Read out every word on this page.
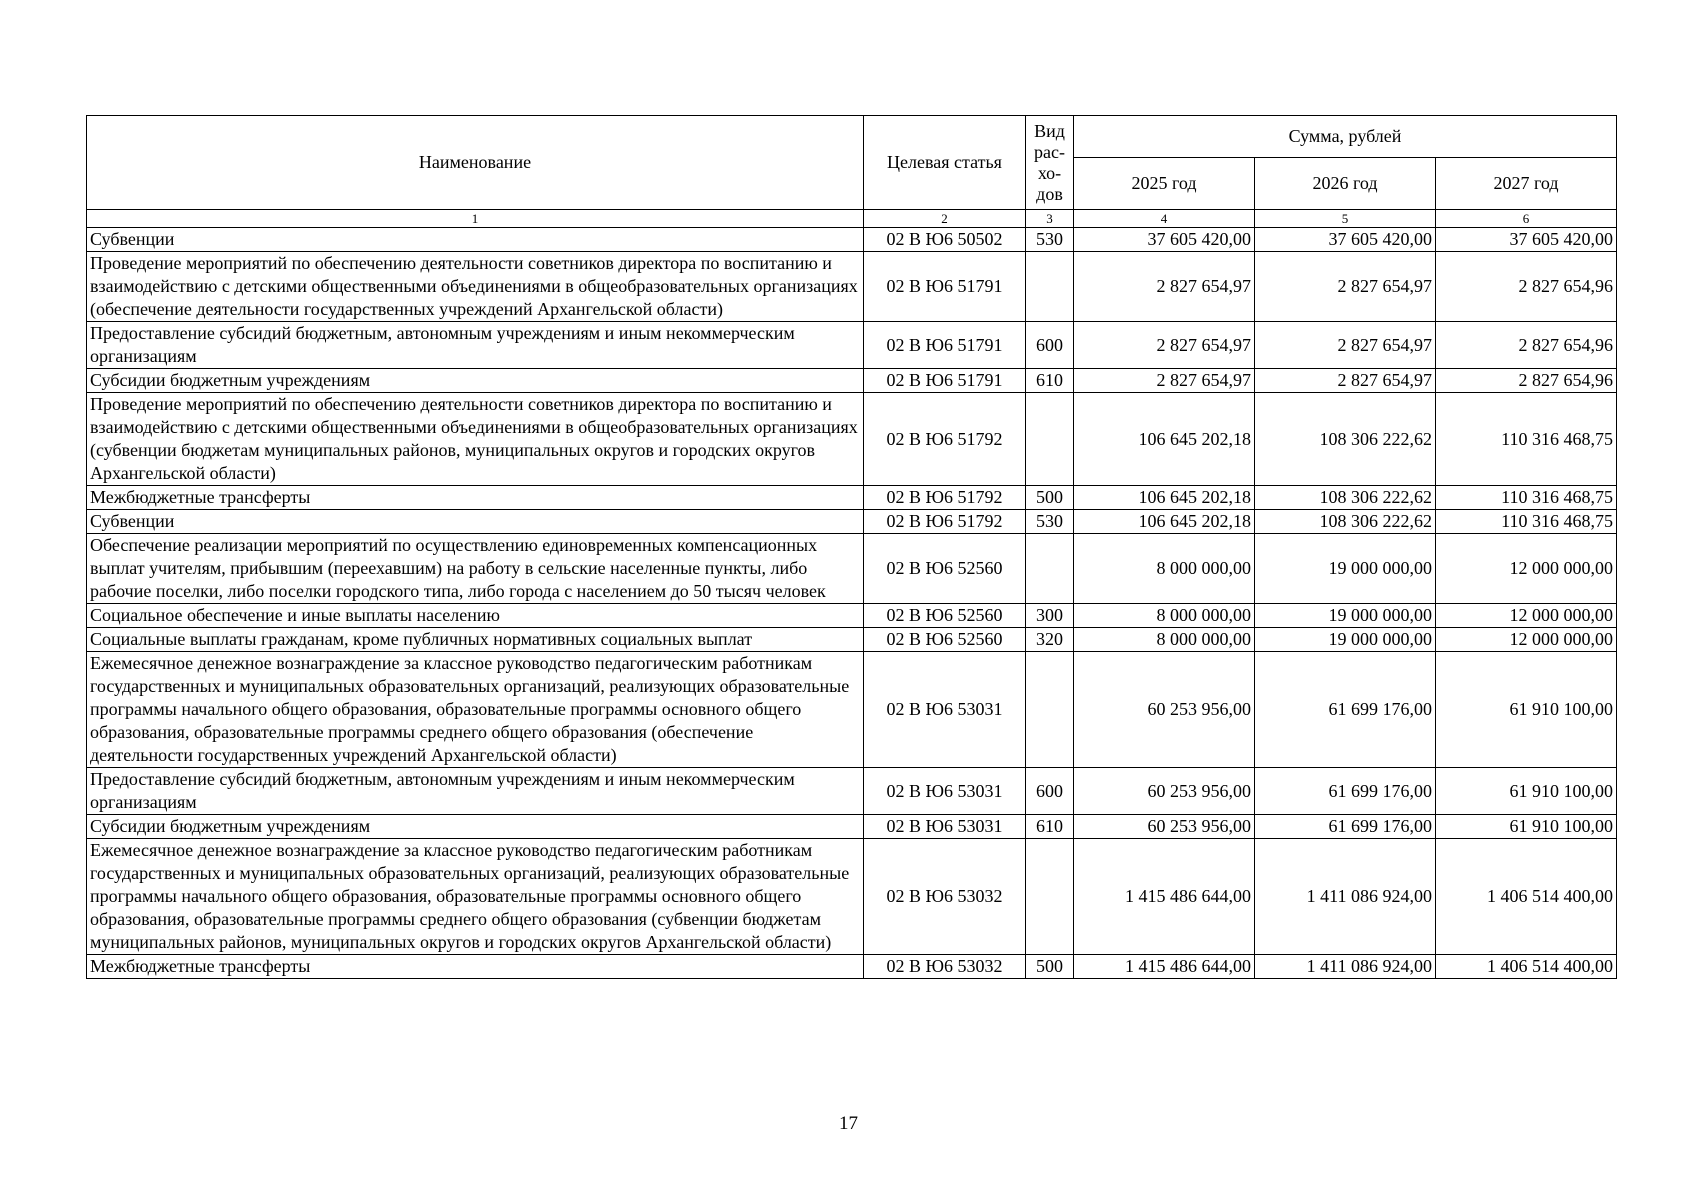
Наименование	Целевая статья	Вид рас-хо-дов	Сумма, рублей		
			2025 год	2026 год	2027 год
1	2	3	4	5	6
Субвенции	02 В Ю6 50502	530	37 605 420,00	37 605 420,00	37 605 420,00
Проведение мероприятий по обеспечению деятельности советников директора по воспитанию и взаимодействию с детскими общественными объединениями в общеобразовательных организациях (обеспечение деятельности государственных учреждений Архангельской области)	02 В Ю6 51791		2 827 654,97	2 827 654,97	2 827 654,96
Предоставление субсидий бюджетным, автономным учреждениям и иным некоммерческим организациям	02 В Ю6 51791	600	2 827 654,97	2 827 654,97	2 827 654,96
Субсидии бюджетным учреждениям	02 В Ю6 51791	610	2 827 654,97	2 827 654,97	2 827 654,96
Проведение мероприятий по обеспечению деятельности советников директора по воспитанию и взаимодействию с детскими общественными объединениями в общеобразовательных организациях (субвенции бюджетам муниципальных районов, муниципальных округов и городских округов Архангельской области)	02 В Ю6 51792		106 645 202,18	108 306 222,62	110 316 468,75
Межбюджетные трансферты	02 В Ю6 51792	500	106 645 202,18	108 306 222,62	110 316 468,75
Субвенции	02 В Ю6 51792	530	106 645 202,18	108 306 222,62	110 316 468,75
Обеспечение реализации мероприятий по осуществлению единовременных компенсационных выплат учителям, прибывшим (переехавшим) на работу в сельские населенные пункты, либо рабочие поселки, либо поселки городского типа, либо города с населением до 50 тысяч человек	02 В Ю6 52560		8 000 000,00	19 000 000,00	12 000 000,00
Социальное обеспечение и иные выплаты населению	02 В Ю6 52560	300	8 000 000,00	19 000 000,00	12 000 000,00
Социальные выплаты гражданам, кроме публичных нормативных социальных выплат	02 В Ю6 52560	320	8 000 000,00	19 000 000,00	12 000 000,00
Ежемесячное денежное вознаграждение за классное руководство педагогическим работникам государственных и муниципальных образовательных организаций, реализующих образовательные программы начального общего образования, образовательные программы основного общего образования, образовательные программы среднего общего образования (обеспечение деятельности государственных учреждений Архангельской области)	02 В Ю6 53031		60 253 956,00	61 699 176,00	61 910 100,00
Предоставление субсидий бюджетным, автономным учреждениям и иным некоммерческим организациям	02 В Ю6 53031	600	60 253 956,00	61 699 176,00	61 910 100,00
Субсидии бюджетным учреждениям	02 В Ю6 53031	610	60 253 956,00	61 699 176,00	61 910 100,00
Ежемесячное денежное вознаграждение за классное руководство педагогическим работникам государственных и муниципальных образовательных организаций, реализующих образовательные программы начального общего образования, образовательные программы основного общего образования, образовательные программы среднего общего образования (субвенции бюджетам муниципальных районов, муниципальных округов и городских округов Архангельской области)	02 В Ю6 53032		1 415 486 644,00	1 411 086 924,00	1 406 514 400,00
Межбюджетные трансферты	02 В Ю6 53032	500	1 415 486 644,00	1 411 086 924,00	1 406 514 400,00
17
